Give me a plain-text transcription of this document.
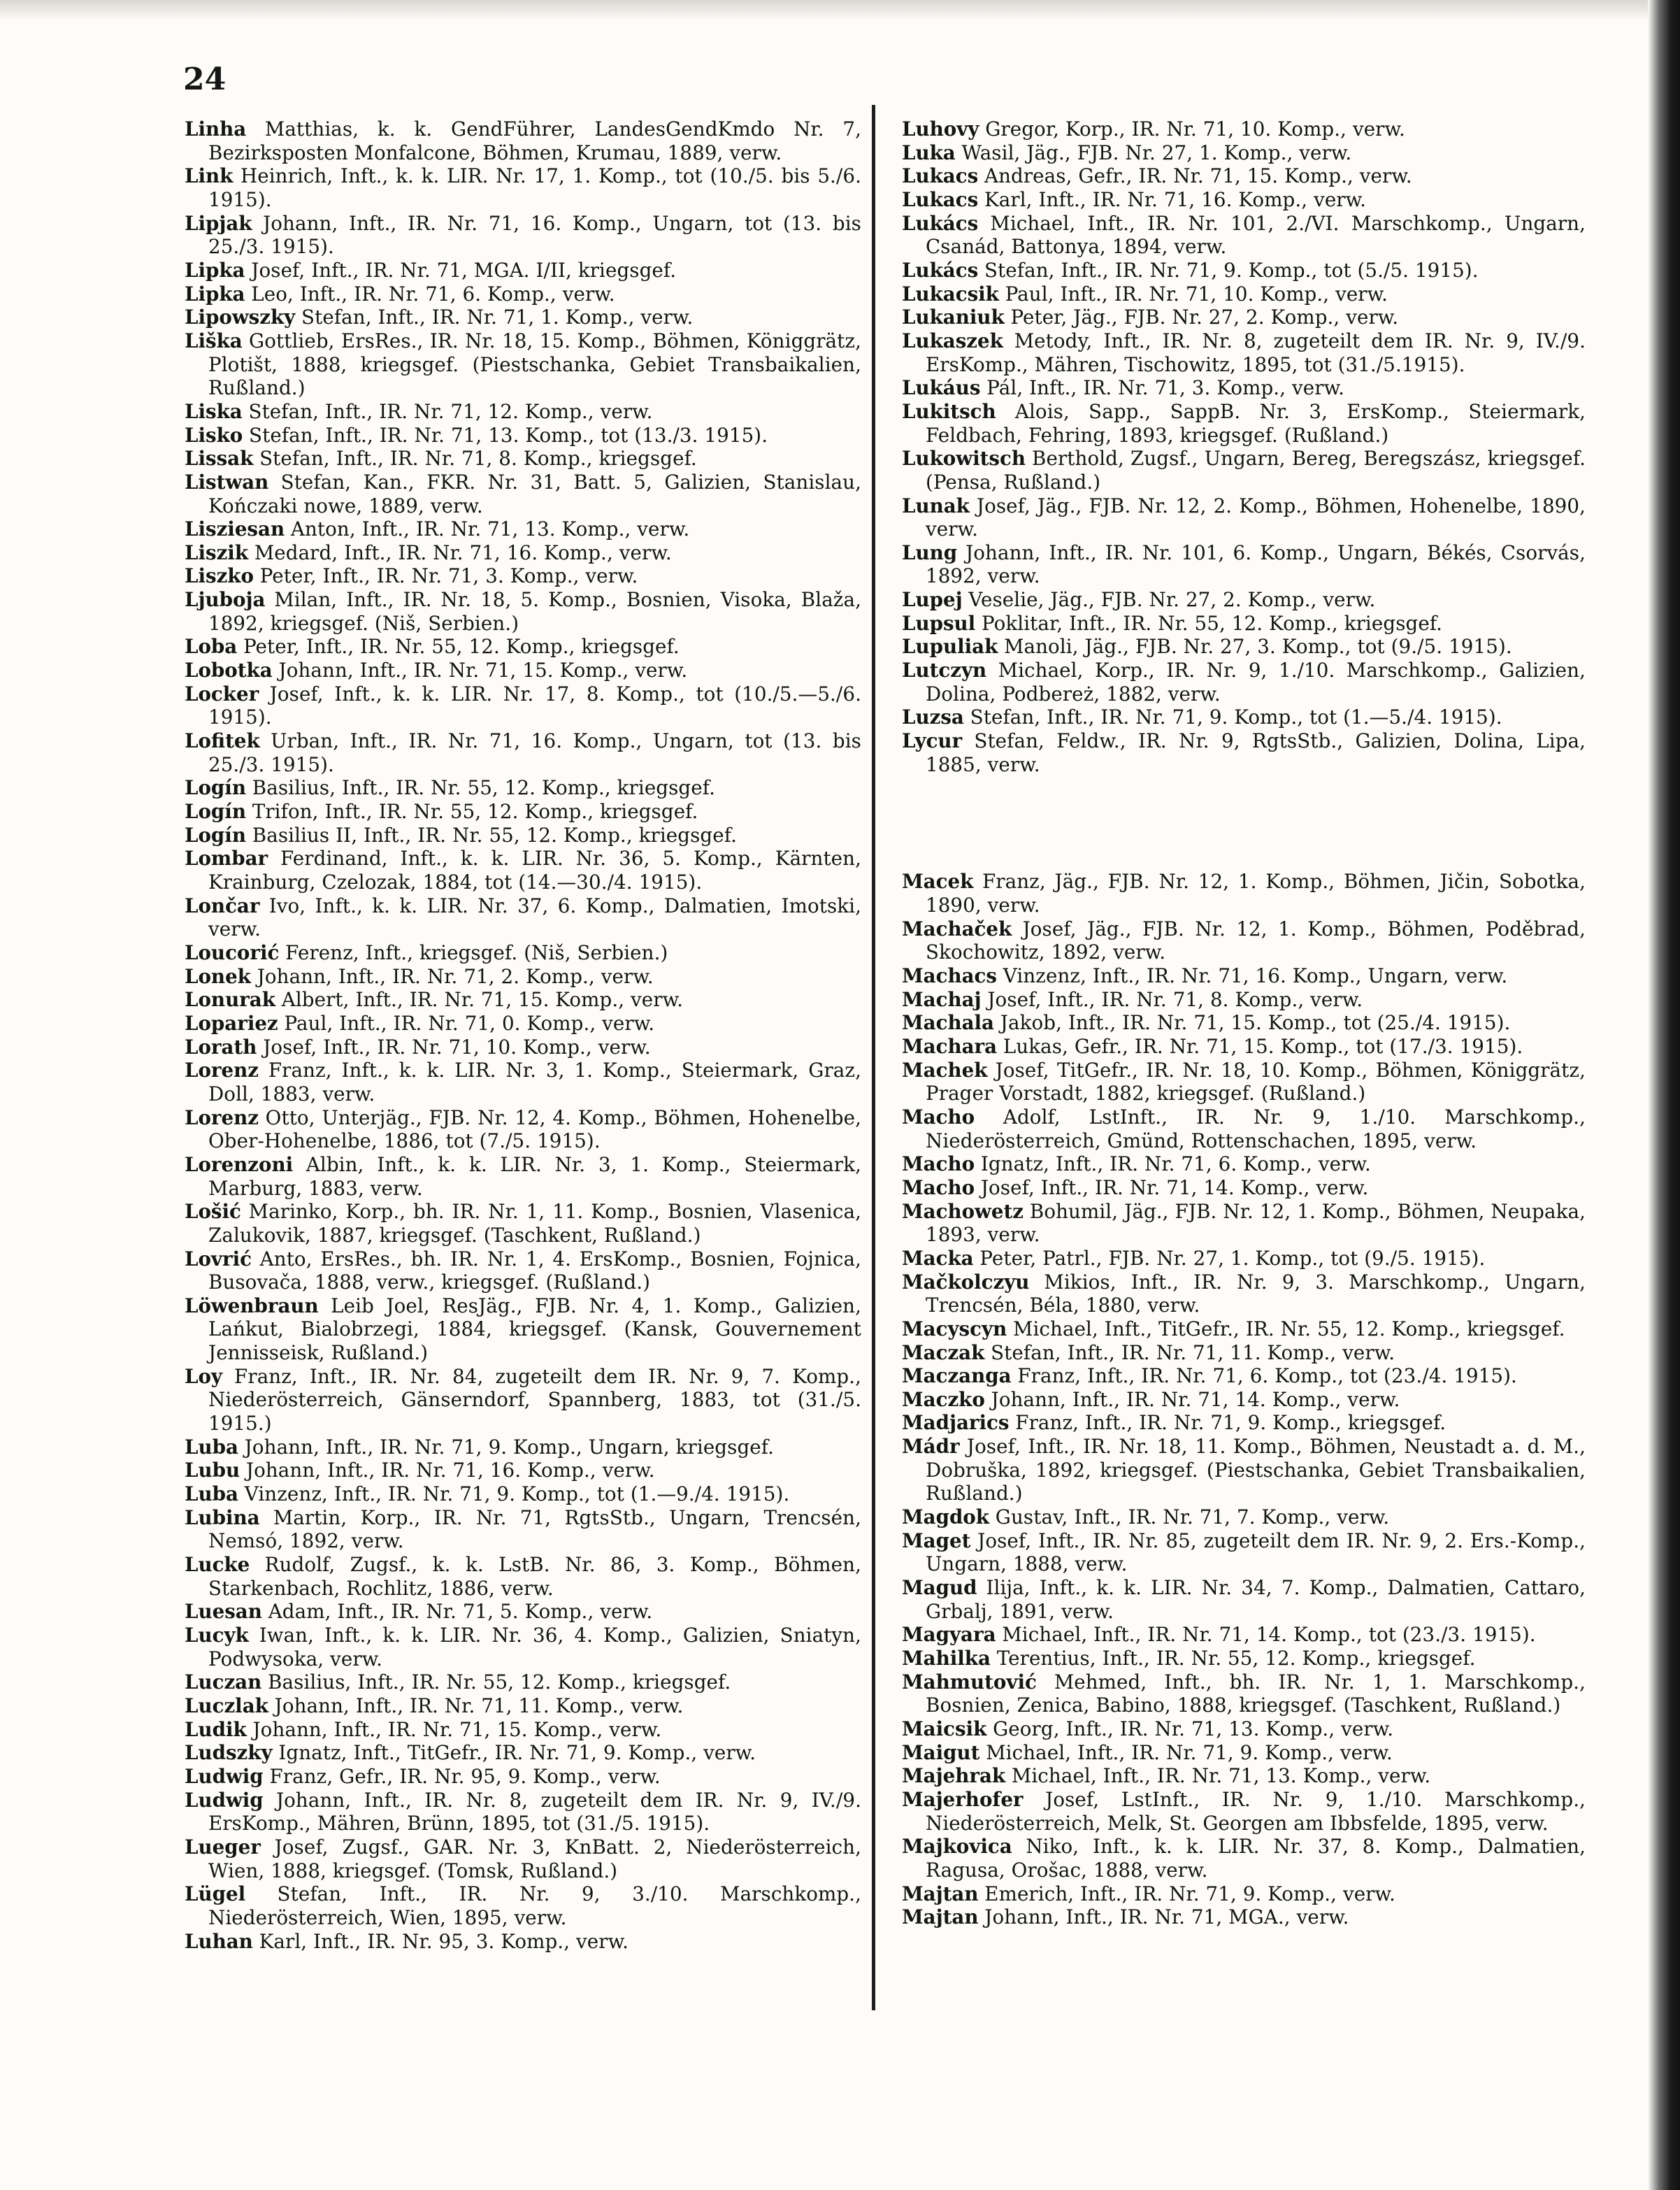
24
Linha Matthias, k. k. GendFührer, LandesGendKmdo Nr. 7, Bezirksposten Monfalcone, Böhmen, Krumau, 1889, verw.
Link Heinrich, Inft., k. k. LIR. Nr. 17, 1. Komp., tot (10./5. bis 5./6. 1915).
Lipjak Johann, Inft., IR. Nr. 71, 16. Komp., Ungarn, tot (13. bis 25./3. 1915).
Lipka Josef, Inft., IR. Nr. 71, MGA. I/II, kriegsgef.
Lipka Leo, Inft., IR. Nr. 71, 6. Komp., verw.
Lipowszky Stefan, Inft., IR. Nr. 71, 1. Komp., verw.
Liška Gottlieb, ErsRes., IR. Nr. 18, 15. Komp., Böhmen, Königgrätz, Plotišt, 1888, kriegsgef. (Piestschanka, Gebiet Transbaikalien, Rußland.)
Liska Stefan, Inft., IR. Nr. 71, 12. Komp., verw.
Lisko Stefan, Inft., IR. Nr. 71, 13. Komp., tot (13./3. 1915).
Lissak Stefan, Inft., IR. Nr. 71, 8. Komp., kriegsgef.
Listwan Stefan, Kan., FKR. Nr. 31, Batt. 5, Galizien, Stanislau, Kończaki nowe, 1889, verw.
Lisziesan Anton, Inft., IR. Nr. 71, 13. Komp., verw.
Liszik Medard, Inft., IR. Nr. 71, 16. Komp., verw.
Liszko Peter, Inft., IR. Nr. 71, 3. Komp., verw.
Ljuboja Milan, Inft., IR. Nr. 18, 5. Komp., Bosnien, Visoka, Blaža, 1892, kriegsgef. (Niš, Serbien.)
Loba Peter, Inft., IR. Nr. 55, 12. Komp., kriegsgef.
Lobotka Johann, Inft., IR. Nr. 71, 15. Komp., verw.
Locker Josef, Inft., k. k. LIR. Nr. 17, 8. Komp., tot (10./5.—5./6. 1915).
Lofitek Urban, Inft., IR. Nr. 71, 16. Komp., Ungarn, tot (13. bis 25./3. 1915).
Logín Basilius, Inft., IR. Nr. 55, 12. Komp., kriegsgef.
Logín Trifon, Inft., IR. Nr. 55, 12. Komp., kriegsgef.
Logín Basilius II, Inft., IR. Nr. 55, 12. Komp., kriegsgef.
Lombar Ferdinand, Inft., k. k. LIR. Nr. 36, 5. Komp., Kärnten, Krainburg, Czelozak, 1884, tot (14.—30./4. 1915).
Lončar Ivo, Inft., k. k. LIR. Nr. 37, 6. Komp., Dalmatien, Imotski, verw.
Loucorić Ferenz, Inft., kriegsgef. (Niš, Serbien.)
Lonek Johann, Inft., IR. Nr. 71, 2. Komp., verw.
Lonurak Albert, Inft., IR. Nr. 71, 15. Komp., verw.
Lopariez Paul, Inft., IR. Nr. 71, 0. Komp., verw.
Lorath Josef, Inft., IR. Nr. 71, 10. Komp., verw.
Lorenz Franz, Inft., k. k. LIR. Nr. 3, 1. Komp., Steiermark, Graz, Doll, 1883, verw.
Lorenz Otto, Unterjäg., FJB. Nr. 12, 4. Komp., Böhmen, Hohenelbe, Ober-Hohenelbe, 1886, tot (7./5. 1915).
Lorenzoni Albin, Inft., k. k. LIR. Nr. 3, 1. Komp., Steiermark, Marburg, 1883, verw.
Lošić Marinko, Korp., bh. IR. Nr. 1, 11. Komp., Bosnien, Vlasenica, Zalukovik, 1887, kriegsgef. (Taschkent, Rußland.)
Lovrić Anto, ErsRes., bh. IR. Nr. 1, 4. ErsKomp., Bosnien, Fojnica, Busovača, 1888, verw., kriegsgef. (Rußland.)
Löwenbraun Leib Joel, ResJäg., FJB. Nr. 4, 1. Komp., Galizien, Lańkut, Bialobrzegi, 1884, kriegsgef. (Kansk, Gouvernement Jennisseisk, Rußland.)
Loy Franz, Inft., IR. Nr. 84, zugeteilt dem IR. Nr. 9, 7. Komp., Niederösterreich, Gänserndorf, Spannberg, 1883, tot (31./5. 1915.)
Luba Johann, Inft., IR. Nr. 71, 9. Komp., Ungarn, kriegsgef.
Lubu Johann, Inft., IR. Nr. 71, 16. Komp., verw.
Luba Vinzenz, Inft., IR. Nr. 71, 9. Komp., tot (1.—9./4. 1915).
Lubina Martin, Korp., IR. Nr. 71, RgtsStb., Ungarn, Trencsén, Nemsó, 1892, verw.
Lucke Rudolf, Zugsf., k. k. LstB. Nr. 86, 3. Komp., Böhmen, Starkenbach, Rochlitz, 1886, verw.
Luesan Adam, Inft., IR. Nr. 71, 5. Komp., verw.
Lucyk Iwan, Inft., k. k. LIR. Nr. 36, 4. Komp., Galizien, Sniatyn, Podwysoka, verw.
Luczan Basilius, Inft., IR. Nr. 55, 12. Komp., kriegsgef.
Luczlak Johann, Inft., IR. Nr. 71, 11. Komp., verw.
Ludik Johann, Inft., IR. Nr. 71, 15. Komp., verw.
Ludszky Ignatz, Inft., TitGefr., IR. Nr. 71, 9. Komp., verw.
Ludwig Franz, Gefr., IR. Nr. 95, 9. Komp., verw.
Ludwig Johann, Inft., IR. Nr. 8, zugeteilt dem IR. Nr. 9, IV./9. ErsKomp., Mähren, Brünn, 1895, tot (31./5. 1915).
Lueger Josef, Zugsf., GAR. Nr. 3, KnBatt. 2, Niederösterreich, Wien, 1888, kriegsgef. (Tomsk, Rußland.)
Lügel Stefan, Inft., IR. Nr. 9, 3./10. Marschkomp., Niederösterreich, Wien, 1895, verw.
Luhan Karl, Inft., IR. Nr. 95, 3. Komp., verw.
Luhovy Gregor, Korp., IR. Nr. 71, 10. Komp., verw.
Luka Wasil, Jäg., FJB. Nr. 27, 1. Komp., verw.
Lukacs Andreas, Gefr., IR. Nr. 71, 15. Komp., verw.
Lukacs Karl, Inft., IR. Nr. 71, 16. Komp., verw.
Lukács Michael, Inft., IR. Nr. 101, 2./VI. Marschkomp., Ungarn, Csanád, Battonya, 1894, verw.
Lukács Stefan, Inft., IR. Nr. 71, 9. Komp., tot (5./5. 1915).
Lukacsik Paul, Inft., IR. Nr. 71, 10. Komp., verw.
Lukaniuk Peter, Jäg., FJB. Nr. 27, 2. Komp., verw.
Lukaszek Metody, Inft., IR. Nr. 8, zugeteilt dem IR. Nr. 9, IV./9. ErsKomp., Mähren, Tischowitz, 1895, tot (31./5.1915).
Lukáus Pál, Inft., IR. Nr. 71, 3. Komp., verw.
Lukitsch Alois, Sapp., SappB. Nr. 3, ErsKomp., Steiermark, Feldbach, Fehring, 1893, kriegsgef. (Rußland.)
Lukowitsch Berthold, Zugsf., Ungarn, Bereg, Beregszász, kriegsgef. (Pensa, Rußland.)
Lunak Josef, Jäg., FJB. Nr. 12, 2. Komp., Böhmen, Hohenelbe, 1890, verw.
Lung Johann, Inft., IR. Nr. 101, 6. Komp., Ungarn, Békés, Csorvás, 1892, verw.
Lupej Veselie, Jäg., FJB. Nr. 27, 2. Komp., verw.
Lupsul Poklitar, Inft., IR. Nr. 55, 12. Komp., kriegsgef.
Lupuliak Manoli, Jäg., FJB. Nr. 27, 3. Komp., tot (9./5. 1915).
Lutczyn Michael, Korp., IR. Nr. 9, 1./10. Marschkomp., Galizien, Dolina, Podbereż, 1882, verw.
Luzsa Stefan, Inft., IR. Nr. 71, 9. Komp., tot (1.—5./4. 1915).
Lycur Stefan, Feldw., IR. Nr. 9, RgtsStb., Galizien, Dolina, Lipa, 1885, verw.
Macek Franz, Jäg., FJB. Nr. 12, 1. Komp., Böhmen, Jičin, Sobotka, 1890, verw.
Machaček Josef, Jäg., FJB. Nr. 12, 1. Komp., Böhmen, Poděbrad, Skochowitz, 1892, verw.
Machacs Vinzenz, Inft., IR. Nr. 71, 16. Komp., Ungarn, verw.
Machaj Josef, Inft., IR. Nr. 71, 8. Komp., verw.
Machala Jakob, Inft., IR. Nr. 71, 15. Komp., tot (25./4. 1915).
Machara Lukas, Gefr., IR. Nr. 71, 15. Komp., tot (17./3. 1915).
Machek Josef, TitGefr., IR. Nr. 18, 10. Komp., Böhmen, Königgrätz, Prager Vorstadt, 1882, kriegsgef. (Rußland.)
Macho Adolf, LstInft., IR. Nr. 9, 1./10. Marschkomp., Niederösterreich, Gmünd, Rottenschachen, 1895, verw.
Macho Ignatz, Inft., IR. Nr. 71, 6. Komp., verw.
Macho Josef, Inft., IR. Nr. 71, 14. Komp., verw.
Machowetz Bohumil, Jäg., FJB. Nr. 12, 1. Komp., Böhmen, Neupaka, 1893, verw.
Macka Peter, Patrl., FJB. Nr. 27, 1. Komp., tot (9./5. 1915).
Mačkolczyu Mikios, Inft., IR. Nr. 9, 3. Marschkomp., Ungarn, Trencsén, Béla, 1880, verw.
Macyscyn Michael, Inft., TitGefr., IR. Nr. 55, 12. Komp., kriegsgef.
Maczak Stefan, Inft., IR. Nr. 71, 11. Komp., verw.
Maczanga Franz, Inft., IR. Nr. 71, 6. Komp., tot (23./4. 1915).
Maczko Johann, Inft., IR. Nr. 71, 14. Komp., verw.
Madjarics Franz, Inft., IR. Nr. 71, 9. Komp., kriegsgef.
Mádr Josef, Inft., IR. Nr. 18, 11. Komp., Böhmen, Neustadt a. d. M., Dobruška, 1892, kriegsgef. (Piestschanka, Gebiet Transbaikalien, Rußland.)
Magdok Gustav, Inft., IR. Nr. 71, 7. Komp., verw.
Maget Josef, Inft., IR. Nr. 85, zugeteilt dem IR. Nr. 9, 2. Ers.-Komp., Ungarn, 1888, verw.
Magud Ilija, Inft., k. k. LIR. Nr. 34, 7. Komp., Dalmatien, Cattaro, Grbalj, 1891, verw.
Magyara Michael, Inft., IR. Nr. 71, 14. Komp., tot (23./3. 1915).
Mahilka Terentius, Inft., IR. Nr. 55, 12. Komp., kriegsgef.
Mahmutović Mehmed, Inft., bh. IR. Nr. 1, 1. Marschkomp., Bosnien, Zenica, Babino, 1888, kriegsgef. (Taschkent, Rußland.)
Maicsik Georg, Inft., IR. Nr. 71, 13. Komp., verw.
Maigut Michael, Inft., IR. Nr. 71, 9. Komp., verw.
Majehrak Michael, Inft., IR. Nr. 71, 13. Komp., verw.
Majerhofer Josef, LstInft., IR. Nr. 9, 1./10. Marschkomp., Niederösterreich, Melk, St. Georgen am Ibbsfelde, 1895, verw.
Majkovica Niko, Inft., k. k. LIR. Nr. 37, 8. Komp., Dalmatien, Ragusa, Orošac, 1888, verw.
Majtan Emerich, Inft., IR. Nr. 71, 9. Komp., verw.
Majtan Johann, Inft., IR. Nr. 71, MGA., verw.
